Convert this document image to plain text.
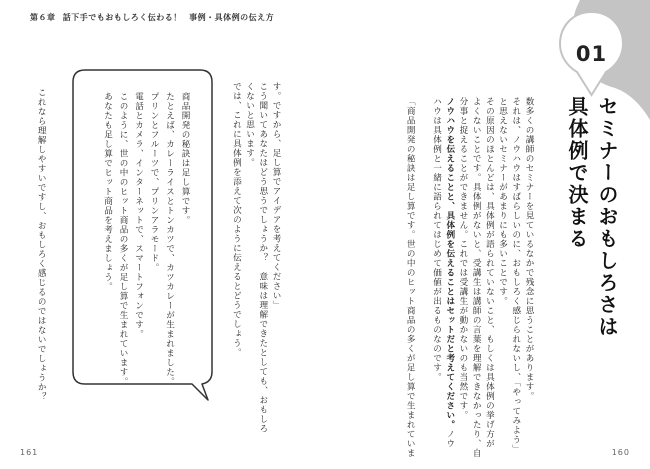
第６章 話下手でもおもしろく伝わる！ 事例・具体例の伝え方
01
セミナーのおもしろさは
具体例で決まる
数多くの講師のセミナーを見ているなかで残念に思うことがあります。
それは、ノウハウはすばらしいのに、おもしろく感じられないし、「やってみよう」
と思えないセミナーがあまりにも多いことです。
その原因のほとんどは、具体例が語られていないこと、もしくは具体例の挙げ方が
よくないことです。具体例がないと、受講生は講師の言葉を理解できなかったり、自
分事と捉えることができません。これでは受講生が動かないのも当然です。
ノウハウを伝えることと、具体例を伝えることはセットだと考えてください。ノウ
ハウは具体例と一緒に語られてはじめて価値が出るものなのです。
「商品開発の秘訣は足し算です。世の中のヒット商品の多くが足し算で生まれていま
す。ですから、足し算でアイデアを考えてください」
こう聞いてあなたはどう思うでしょうか？　意味は理解できたとしても、おもしろ
くないと思います。
では、これに具体例を添えて次のように伝えるとどうでしょう。
商品開発の秘訣は足し算です。
たとえば、カレーライスとトンカツで、カツカレーが生まれました。
プリンとフルーツで、プリンアラモード。
電話とカメラ、インターネットで、スマートフォンです。
このように、世の中のヒット商品の多くが足し算で生まれています。
あなたも足し算でヒット商品を考えましょう。
これなら理解しやすいですし、おもしろく感じるのではないでしょうか？
161	160
